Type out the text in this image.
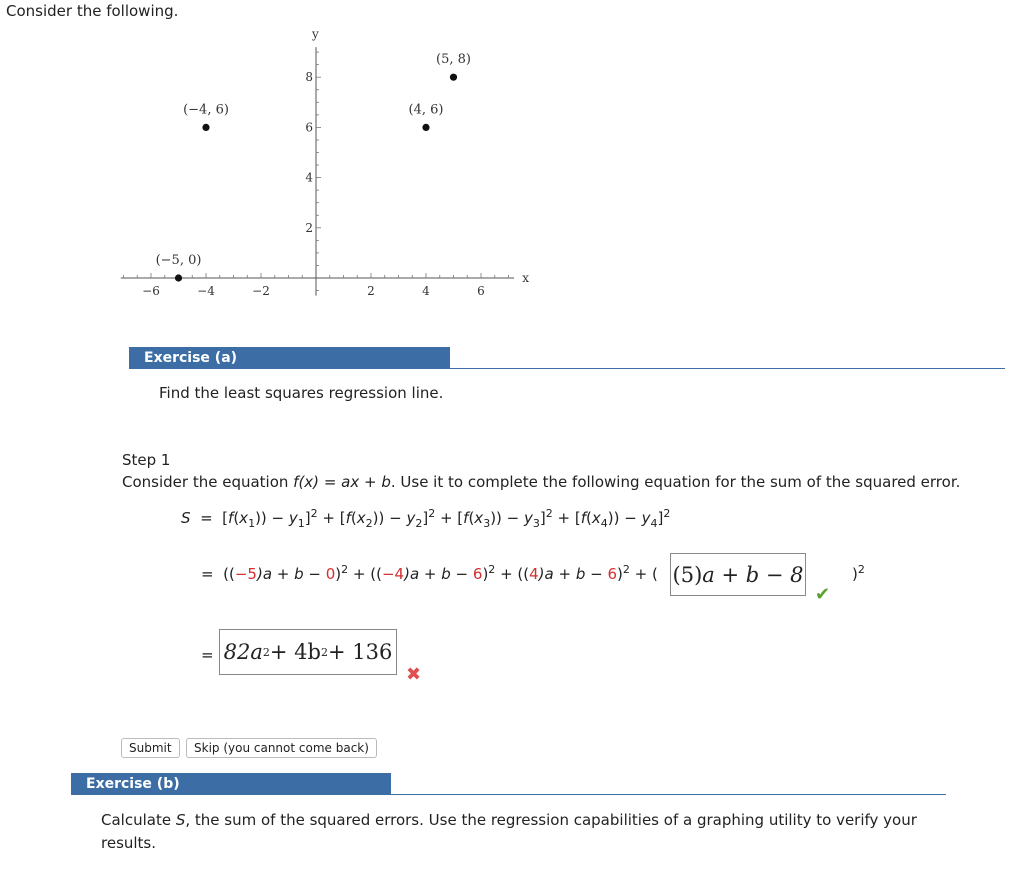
Consider the following.
x
y
−6	−4	−2	2	4	6
2
4
6
8
(−5, 0)
(−4, 6)	(4, 6)
(5, 8)
Exercise (a)
Find the least squares regression line.
Step 1
Consider the equation f(x) = ax + b. Use it to complete the following equation for the sum of the squared error.
$S = [f(x_1)) - y_1]^2 + [f(x_2)) - y_2]^2 + [f(x_3)) - y_3]^2 + [f(x_4)) - y_4]^2$
= $((-5)a + b - 0)^2 + ((-4)a + b - 6)^2 + ((4)a + b - 6)^2$ + ( (5) a + b − 8	)$^2$
✔
= 82a 2 + 4b 2 + 136
✖
Submit	Skip (you cannot come back)
Exercise (b)
Calculate S, the sum of the squared errors. Use the regression capabilities of a graphing utility to verify your
results.
